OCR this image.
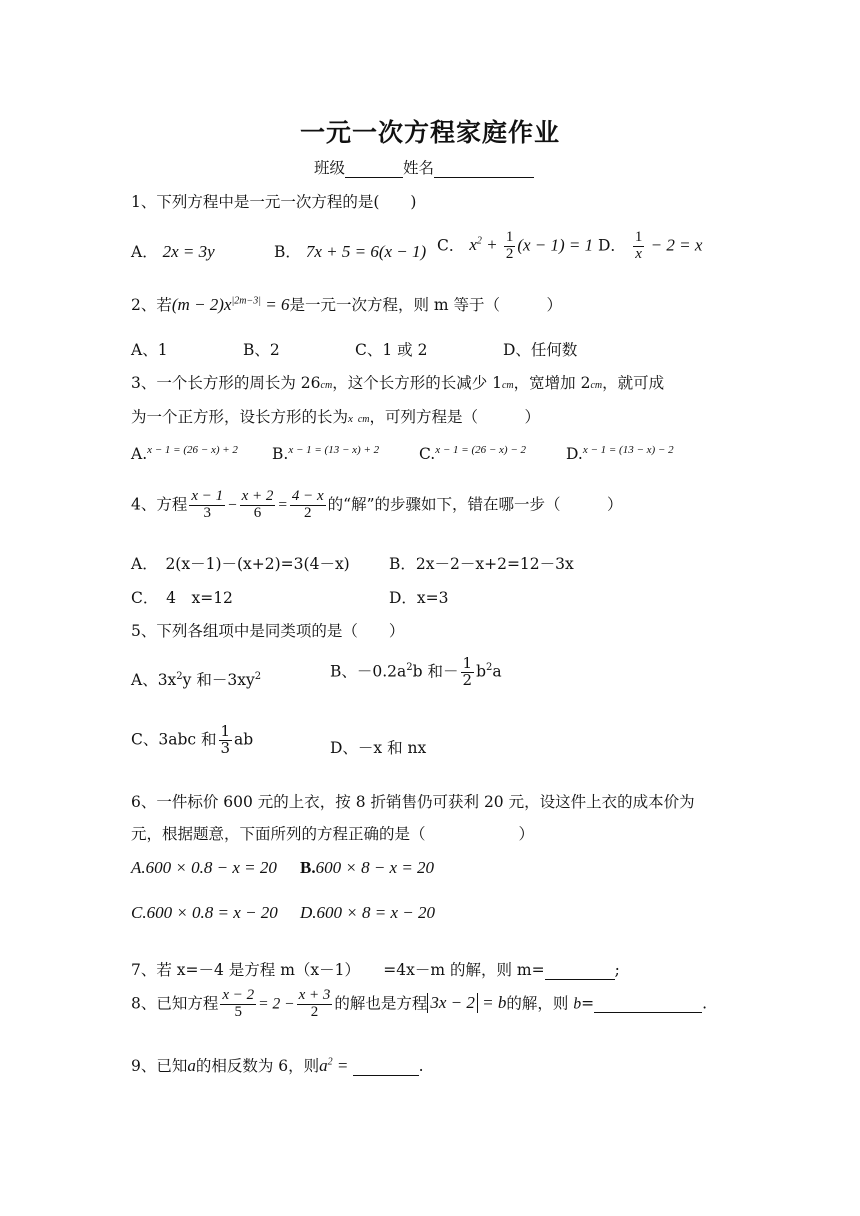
一元一次方程家庭作业
班级	姓名
1、下列方程中是一元一次方程的是(　　)
A． 2x = 3y	B． 7x + 5 = 6(x − 1) C． $x^2 + \frac{1}{2} (x - 1) = 1$ D． $\frac{1}{x} - 2 = x$
2、若$(m - 2)x^{|2m-3|} = 6$是一元一次方程，则 m 等于（　　　）
A、1	B、2	C、1 或 2	D、任何数
3、一个长方形的周长为 26cm，这个长方形的长减少 1cm，宽增加 2cm，就可成
为一个正方形，设长方形的长为x cm，可列方程是（　　　）
A.$^{x - 1 = (26 - x) + 2}$ B.$^{x - 1 = (13 - x) + 2}$	C.$^{x - 1 = (26 - x) - 2}$	D.$^{x - 1 = (13 - x) - 2}$
4、方程 $\frac{x - 1}{3} - \frac{x + 2}{6} = \frac{4 - x}{2}$ 的“解”的步骤如下，错在哪一步（　　　）
A．　2(x－1)－(x+2)=3(4－x)	B．2x－2－x+2=12－3x
C．　4　x=12	D．x=3
5、下列各组项中是同类项的是（　　）
A、$3x^2y$ 和$-3xy^2$	B、$-0.2a^2b$ 和－ $\frac{1}{2} b^2a$
C、3abc 和 $\frac{1}{3}$ ab	D、－x 和 nx
6、一件标价 600 元的上衣，按 8 折销售仍可获利 20 元，设这件上衣的成本价为
元，根据题意，下面所列的方程正确的是（　　　　　　）
A.600 × 0.8 − x = 20 B.600 × 8 − x = 20
C.600 × 0.8 = x − 20 D.600 × 8 = x − 20
7、若 x=－4 是方程 m（x－1）　　=4x－m 的解，则 m=	;
8、已知方程 $\frac{x - 2}{5} = 2 - \frac{x + 3}{2}$ 的解也是方程 3x − 2 = b的解，则 b=	.
9、已知a的相反数为 6，则$a^2$ =	.
